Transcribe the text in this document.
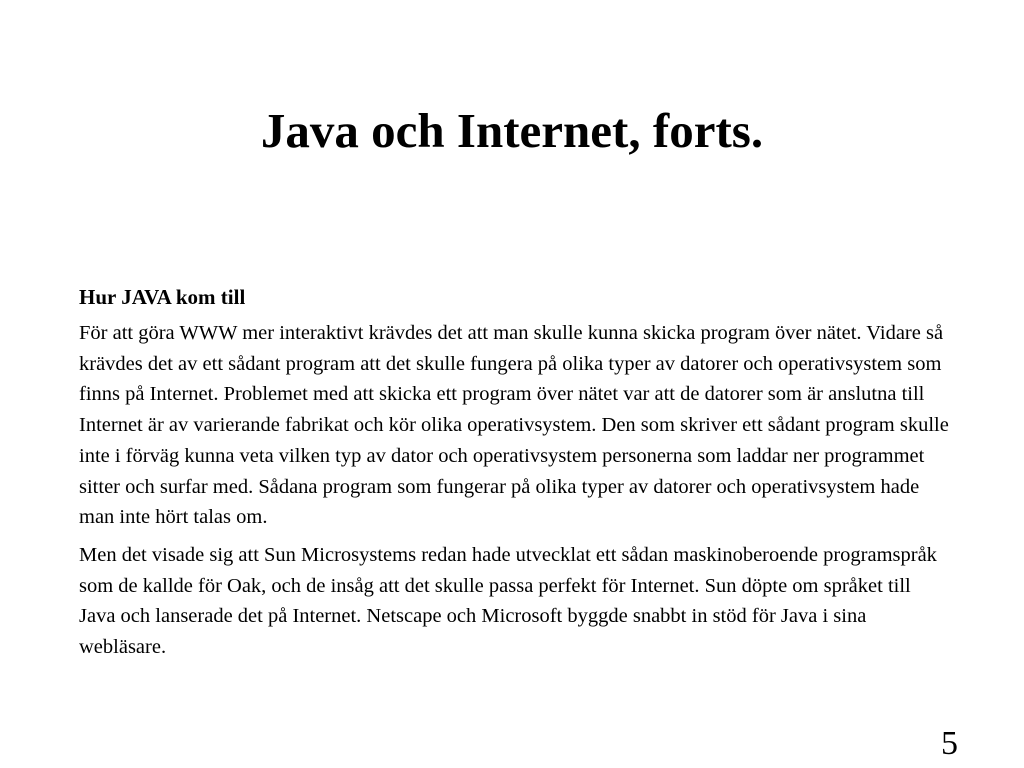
Java och Internet, forts.

Hur JAVA kom till

För att göra WWW mer interaktivt krävdes det att man skulle kunna skicka program över nätet. Vidare så krävdes det av ett sådant program att det skulle fungera på olika typer av datorer och operativsystem som finns på Internet. Problemet med att skicka ett program över nätet var att de datorer som är anslutna till Internet är av varierande fabrikat och kör olika operativsystem. Den som skriver ett sådant program skulle inte i förväg kunna veta vilken typ av dator och operativsystem personerna som laddar ner programmet sitter och surfar med. Sådana program som fungerar på olika typer av datorer och operativsystem hade man inte hört talas om.

Men det visade sig att Sun Microsystems redan hade utvecklat ett sådan maskinoberoende programspråk som de kallde för Oak, och de insåg att det skulle passa perfekt för Internet. Sun döpte om språket till Java och lanserade det på Internet. Netscape och Microsoft byggde snabbt in stöd för Java i sina webläsare.

5
